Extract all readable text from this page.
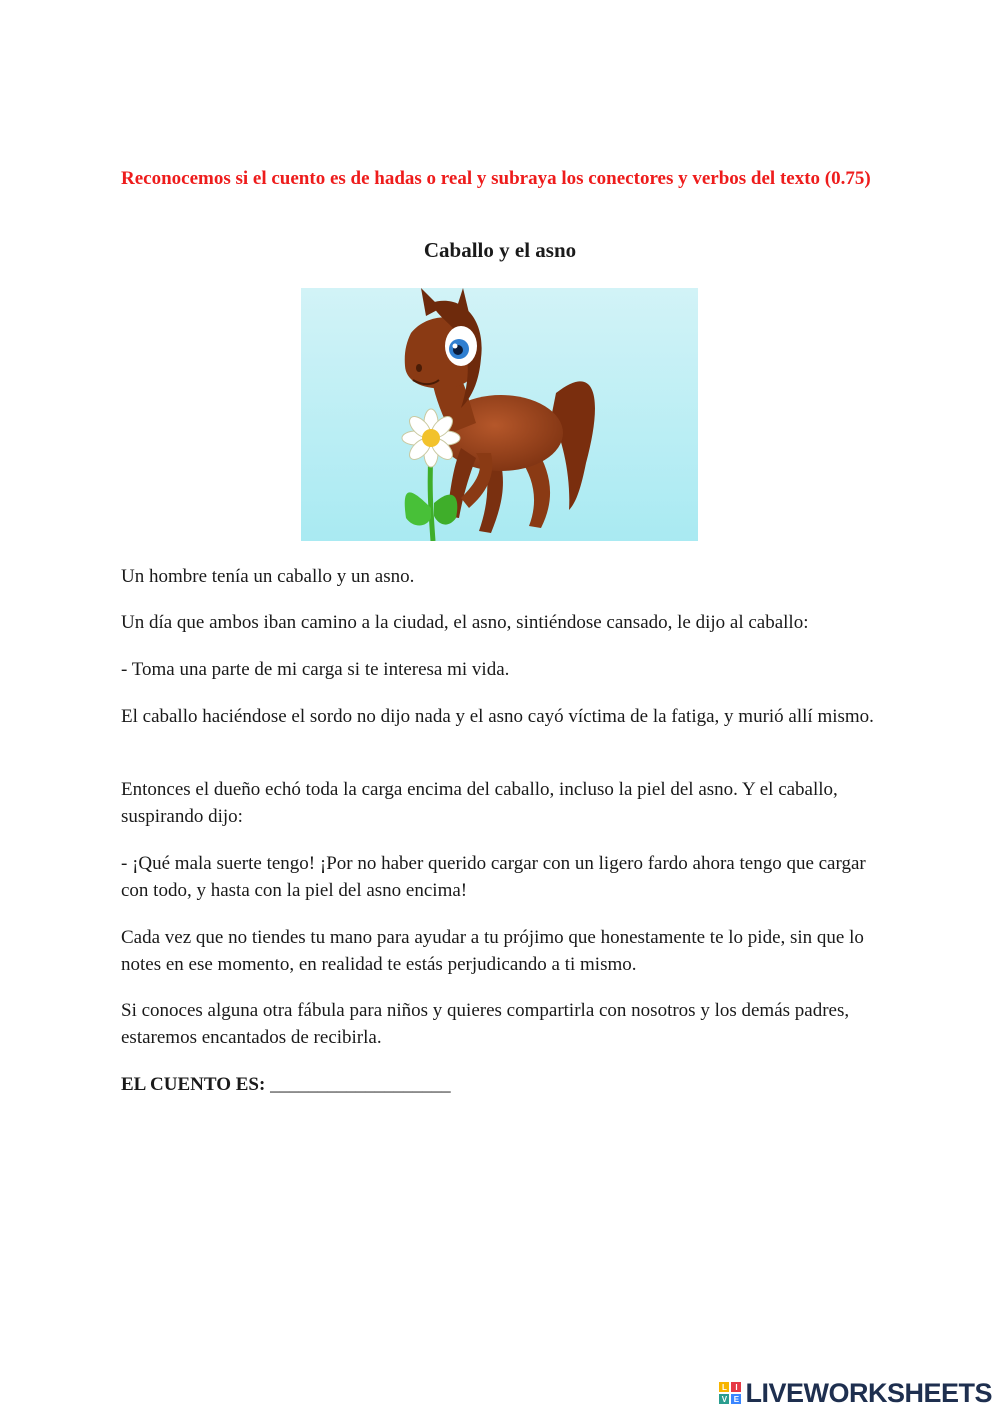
Reconocemos si el cuento es de hadas o real y subraya los conectores y verbos del texto (0.75)
Caballo y el asno

Un hombre tenía un caballo y un asno.

Un día que ambos iban camino a la ciudad, el asno, sintiéndose cansado, le dijo al caballo:

- Toma una parte de mi carga si te interesa mi vida.

El caballo haciéndose el sordo no dijo nada y el asno cayó víctima de la fatiga, y murió allí mismo.

Entonces el dueño echó toda la carga encima del caballo, incluso la piel del asno. Y el caballo, suspirando dijo:

- ¡Qué mala suerte tengo! ¡Por no haber querido cargar con un ligero fardo ahora tengo que cargar con todo, y hasta con la piel del asno encima!

Cada vez que no tiendes tu mano para ayudar a tu prójimo que honestamente te lo pide, sin que lo notes en ese momento, en realidad te estás perjudicando a ti mismo.

Si conoces alguna otra fábula para niños y quieres compartirla con nosotros y los demás padres, estaremos encantados de recibirla.

EL CUENTO ES: ___________________

L	I
V E LIVEWORKSHEETS
